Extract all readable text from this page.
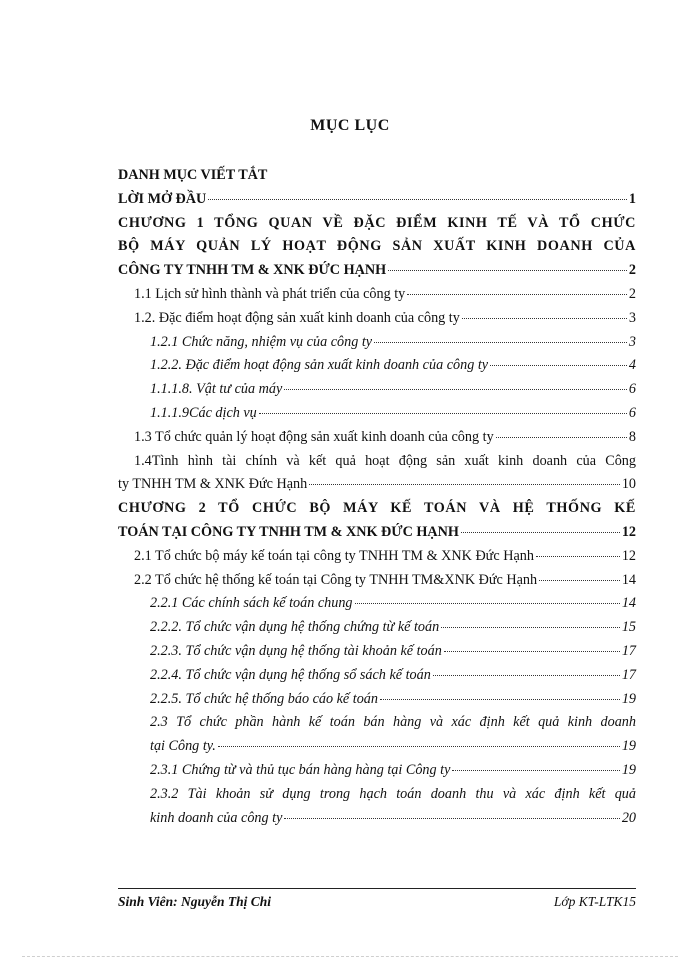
MỤC LỤC
DANH MỤC VIẾT TẮT
LỜI MỞ ĐẦU	1
CHƯƠNG 1 TỔNG QUAN VỀ ĐẶC ĐIỂM KINH TẾ VÀ TỔ CHỨC
BỘ MÁY QUẢN LÝ HOẠT ĐỘNG SẢN XUẤT KINH DOANH CỦA
CÔNG TY TNHH TM & XNK ĐỨC HẠNH	2
1.1 Lịch sử hình thành và phát triển của công ty	2
1.2. Đặc điểm hoạt động sản xuất kinh doanh của công ty	3
1.2.1 Chức năng, nhiệm vụ của công ty	3
1.2.2. Đặc điểm hoạt động sản xuất kinh doanh của công ty	4
1.1.1.8. Vật tư của máy	6
1.1.1.9Các dịch vụ	6
1.3 Tổ chức quản lý hoạt động sản xuất kinh doanh của công ty	8
1.4Tình hình tài chính và kết quả hoạt động sản xuất kinh doanh của Công
ty TNHH TM & XNK Đức Hạnh	10
CHƯƠNG 2 TỔ CHỨC BỘ MÁY KẾ TOÁN VÀ HỆ THỐNG KẾ
TOÁN TẠI CÔNG TY TNHH TM & XNK ĐỨC HẠNH	12
2.1 Tổ chức bộ máy kế toán tại công ty TNHH TM & XNK Đức Hạnh	12
2.2 Tổ chức hệ thống kế toán tại Công ty TNHH TM&XNK Đức Hạnh	14
2.2.1 Các chính sách kế toán chung	14
2.2.2. Tổ chức vận dụng hệ thống chứng từ kế toán	15
2.2.3. Tổ chức vận dụng hệ thống tài khoản kế toán	17
2.2.4. Tổ chức vận dụng hệ thống sổ sách kế toán	17
2.2.5. Tổ chức hệ thống báo cáo kế toán	19
2.3 Tổ chức phần hành kế toán bán hàng và xác định kết quả kinh doanh
tại Công ty.	19
2.3.1 Chứng từ và thủ tục bán hàng hàng tại Công ty	19
2.3.2 Tài khoản sử dụng trong hạch toán doanh thu và xác định kết quả
kinh doanh của công ty	20
Sinh Viên: Nguyễn Thị Chi	Lớp KT-LTK15
